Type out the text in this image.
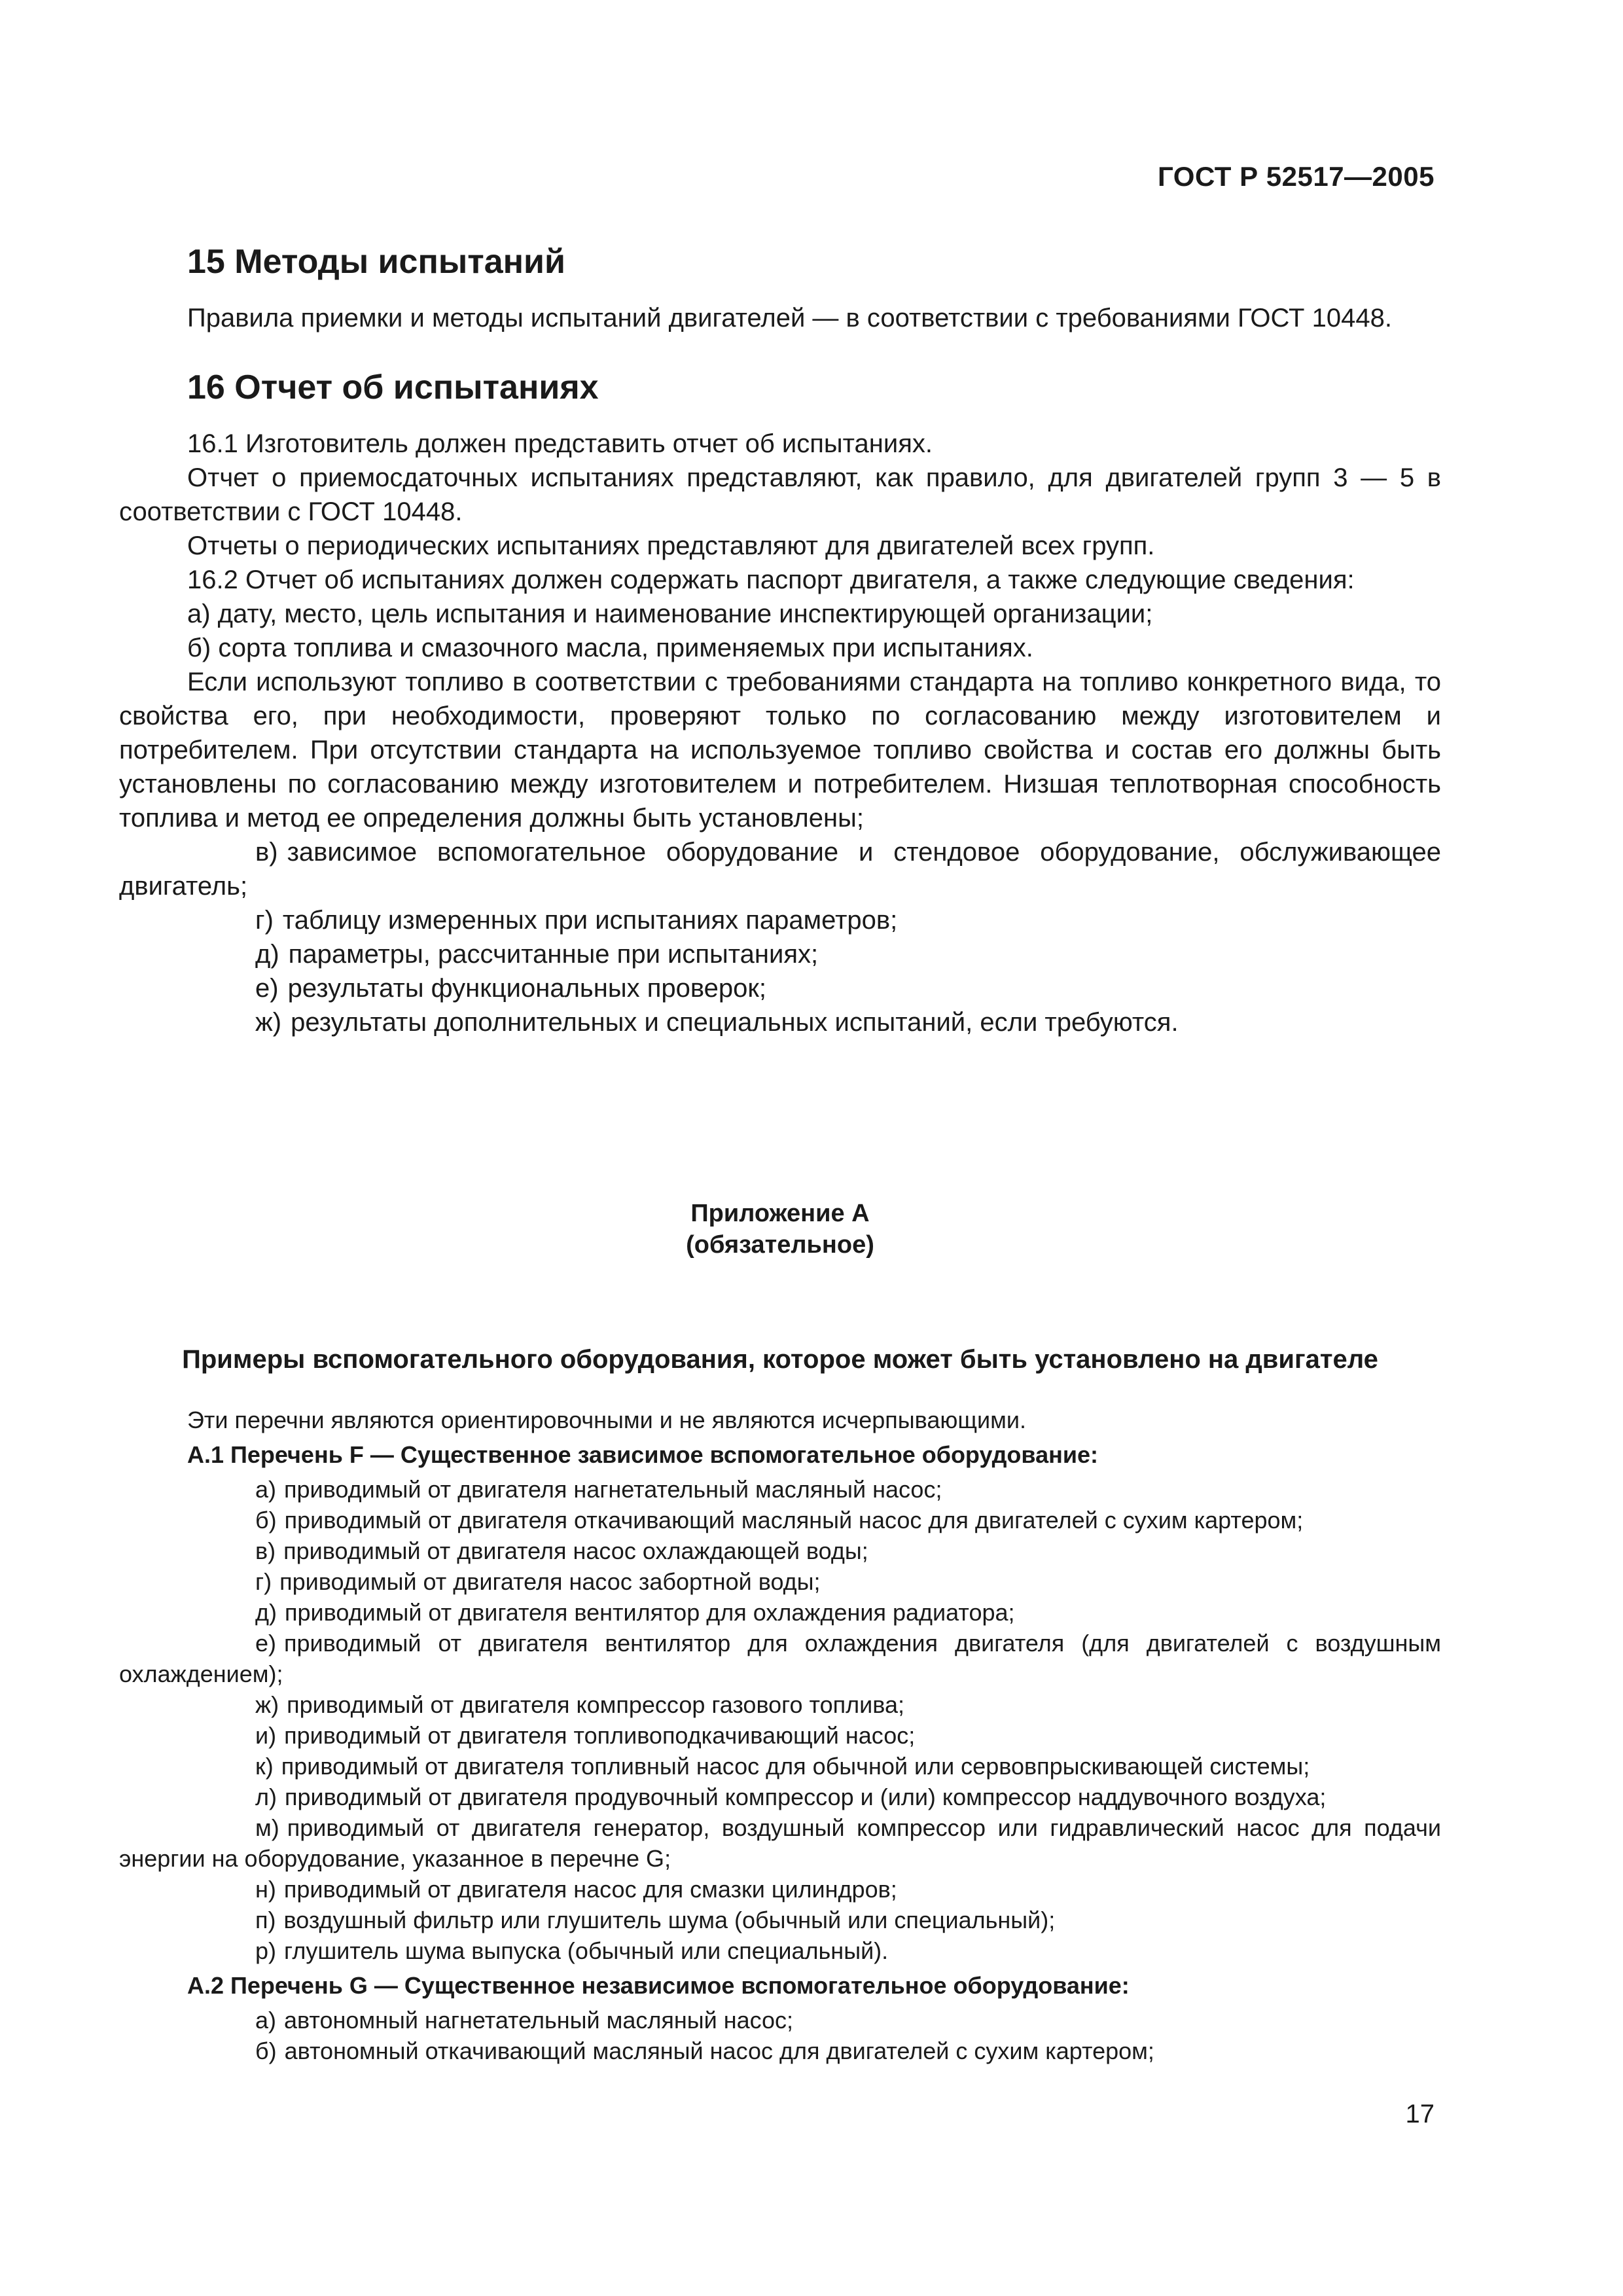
ГОСТ Р 52517—2005
15 Методы испытаний

Правила приемки и методы испытаний двигателей — в соответствии с требованиями ГОСТ 10448.

16 Отчет об испытаниях

16.1 Изготовитель должен представить отчет об испытаниях.

Отчет о приемосдаточных испытаниях представляют, как правило, для двигателей групп 3 — 5 в соответствии с ГОСТ 10448.

Отчеты о периодических испытаниях представляют для двигателей всех групп.

16.2 Отчет об испытаниях должен содержать паспорт двигателя, а также следующие сведения:

а) дату, место, цель испытания и наименование инспектирующей организации;

б) сорта топлива и смазочного масла, применяемых при испытаниях.

Если используют топливо в соответствии с требованиями стандарта на топливо конкретного вида, то свойства его, при необходимости, проверяют только по согласованию между изготовителем и потребителем. При отсутствии стандарта на используемое топливо свойства и состав его должны быть установлены по согласованию между изготовителем и потребителем. Низшая теплотворная способность топлива и метод ее определения должны быть установлены;

в) зависимое вспомогательное оборудование и стендовое оборудование, обслуживающее двигатель;

г) таблицу измеренных при испытаниях параметров;

д) параметры, рассчитанные при испытаниях;

е) результаты функциональных проверок;

ж) результаты дополнительных и специальных испытаний, если требуются.

Приложение А
(обязательное)
Примеры вспомогательного оборудования, которое может быть установлено на двигателе

Эти перечни являются ориентировочными и не являются исчерпывающими.

А.1 Перечень F — Существенное зависимое вспомогательное оборудование:

а) приводимый от двигателя нагнетательный масляный насос;

б) приводимый от двигателя откачивающий масляный насос для двигателей с сухим картером;

в) приводимый от двигателя насос охлаждающей воды;

г) приводимый от двигателя насос забортной воды;

д) приводимый от двигателя вентилятор для охлаждения радиатора;

е) приводимый от двигателя вентилятор для охлаждения двигателя (для двигателей с воздушным охлаждением);

ж) приводимый от двигателя компрессор газового топлива;

и) приводимый от двигателя топливоподкачивающий насос;

к) приводимый от двигателя топливный насос для обычной или сервовпрыскивающей системы;

л) приводимый от двигателя продувочный компрессор и (или) компрессор наддувочного воздуха;

м) приводимый от двигателя генератор, воздушный компрессор или гидравлический насос для подачи энергии на оборудование, указанное в перечне G;

н) приводимый от двигателя насос для смазки цилиндров;

п) воздушный фильтр или глушитель шума (обычный или специальный);

р) глушитель шума выпуска (обычный или специальный).

А.2 Перечень G — Существенное независимое вспомогательное оборудование:

а) автономный нагнетательный масляный насос;

б) автономный откачивающий масляный насос для двигателей с сухим картером;

17
